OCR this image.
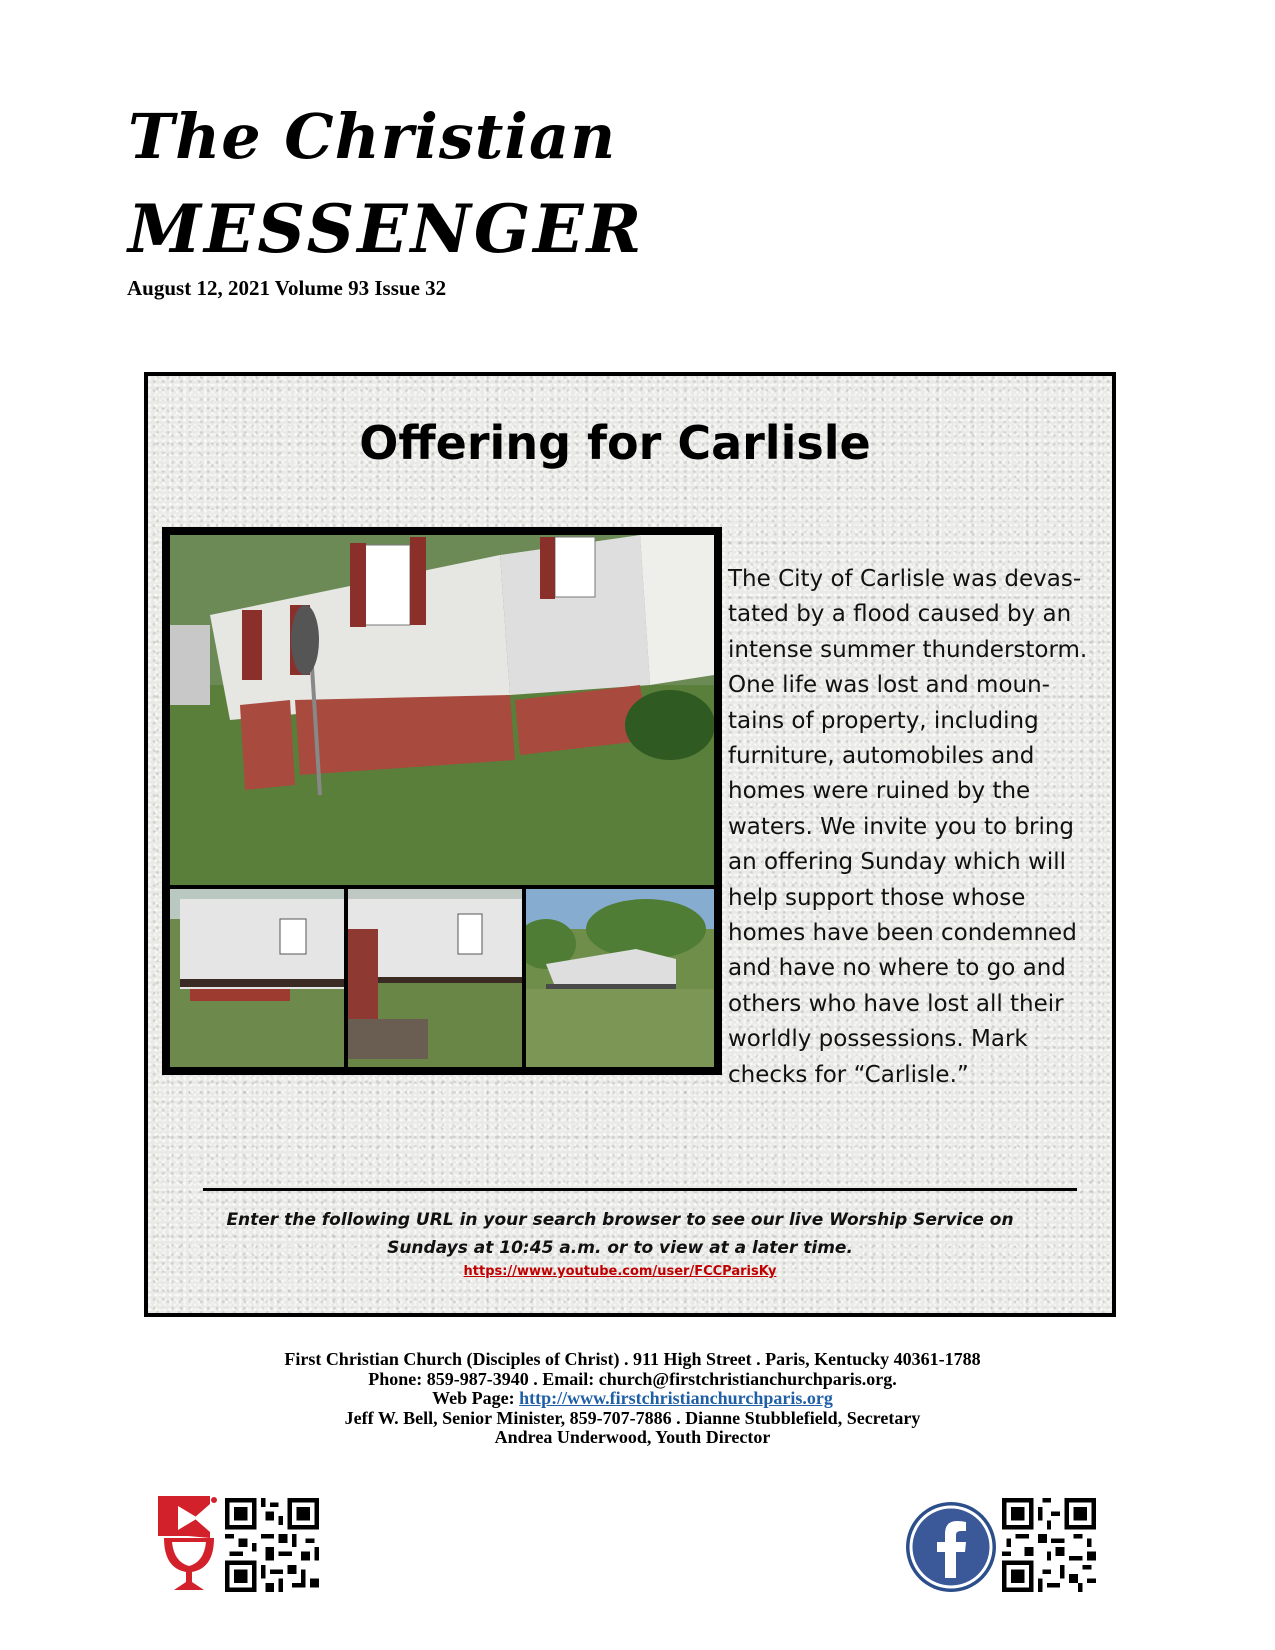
The Christian
MESSENGER
August 12, 2021 Volume 93 Issue 32
Offering for Carlisle
The City of Carlisle was devas-
tated by a flood caused by an
intense summer thunderstorm.
One life was lost and moun-
tains of property, including
furniture, automobiles and
homes were ruined by the
waters. We invite you to bring
an offering Sunday which will
help support those whose
homes have been condemned
and have no where to go and
others who have lost all their
worldly possessions. Mark
checks for “Carlisle.”
Enter the following URL in your search browser to see our live Worship Service on
Sundays at 10:45 a.m. or to view at a later time.
https://www.youtube.com/user/FCCParisKy
First Christian Church (Disciples of Christ) . 911 High Street . Paris, Kentucky 40361-1788
Phone: 859-987-3940 . Email: church@firstchristianchurchparis.org.
Web Page: http://www.firstchristianchurchparis.org
Jeff W. Bell, Senior Minister, 859-707-7886 . Dianne Stubblefield, Secretary
Andrea Underwood, Youth Director
